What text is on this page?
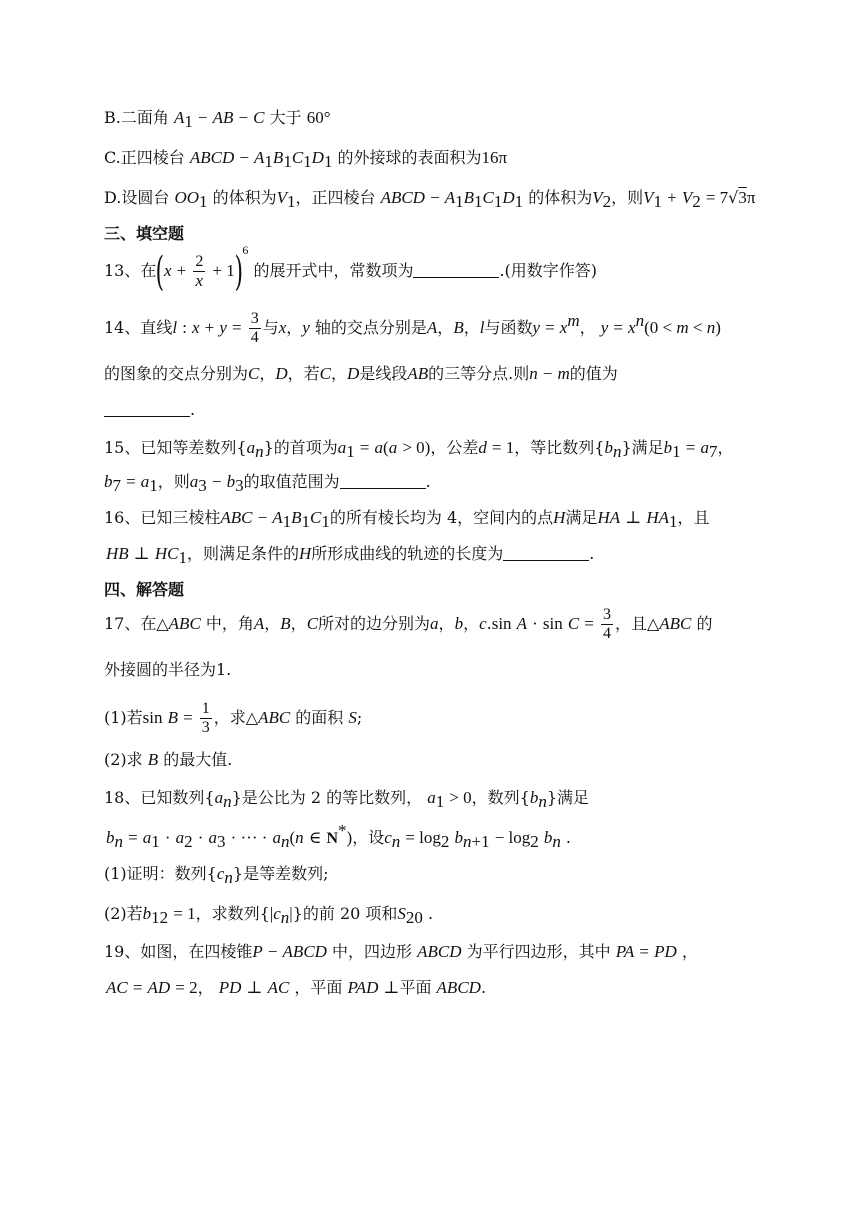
B.二面角 $A_1$ − AB − C 大于 60°
C.正四棱台 ABCD − $A_1B_1C_1D_1$ 的外接球的表面积为16π
D.设圆台 $OO_1$ 的体积为$V_1$，正四棱台 ABCD − $A_1B_1C_1D_1$ 的体积为$V_2$，则$V_1 + V_2 = 7√3\pi$
三、填空题
13、在$(x + \frac{2}{x} + 1)^6$ 的展开式中，常数项为	.(用数字作答)
14、直线l : $x + y = \frac{3}{4}$ 与x，y 轴的交点分别是A，B，l与函数$y = x^m$， $y = x^n(0 < m < n)$
的图象的交点分别为C，D，若C，D是线段AB的三等分点.则n − m的值为
.
15、已知等差数列$\{a_n\}$的首项为$a_1 = a(a > 0)$，公差d = 1，等比数列$\{b_n\}$满足$b_1 = a_7$，
$b_7 = a_1$，则$a_3 - b_3$的取值范围为	.
16、已知三棱柱ABC − $A_1B_1C_1$的所有棱长均为 4，空间内的点H满足HA ⊥ $HA_1$，且
HB ⊥ $HC_1$，则满足条件的H所形成曲线的轨迹的长度为	.
四、解答题
17、在△ABC 中，角A，B，C所对的边分别为a，b，c.sin $A \cdot \sin C = \frac{3}{4}$ ，且△ABC 的
外接圆的半径为1.
(1)若$\sin B = \frac{1}{3}$ ，求△ABC 的面积 S;
(2)求 B 的最大值.
18、已知数列$\{a_n\}$是公比为 2 的等比数列， $a_1 > 0$，数列$\{b_n\}$满足
$b_n = a_1 \cdot a_2 \cdot a_3$ · ··· · $a_n(n$ ∈ N*)，设$c_n = \log_2 b_{n+1} - \log_2 b_n$ .
(1)证明：数列$\{c_n\}$是等差数列;
(2)若$b_{12} = 1$，求数列$\{|c_n|\}$的前 20 项和$S_{20}$ .
19、如图，在四棱锥P − ABCD 中，四边形 ABCD 为平行四边形，其中 PA = PD ，
AC = AD = 2， PD ⊥ AC ，平面 PAD ⊥平面 ABCD.
